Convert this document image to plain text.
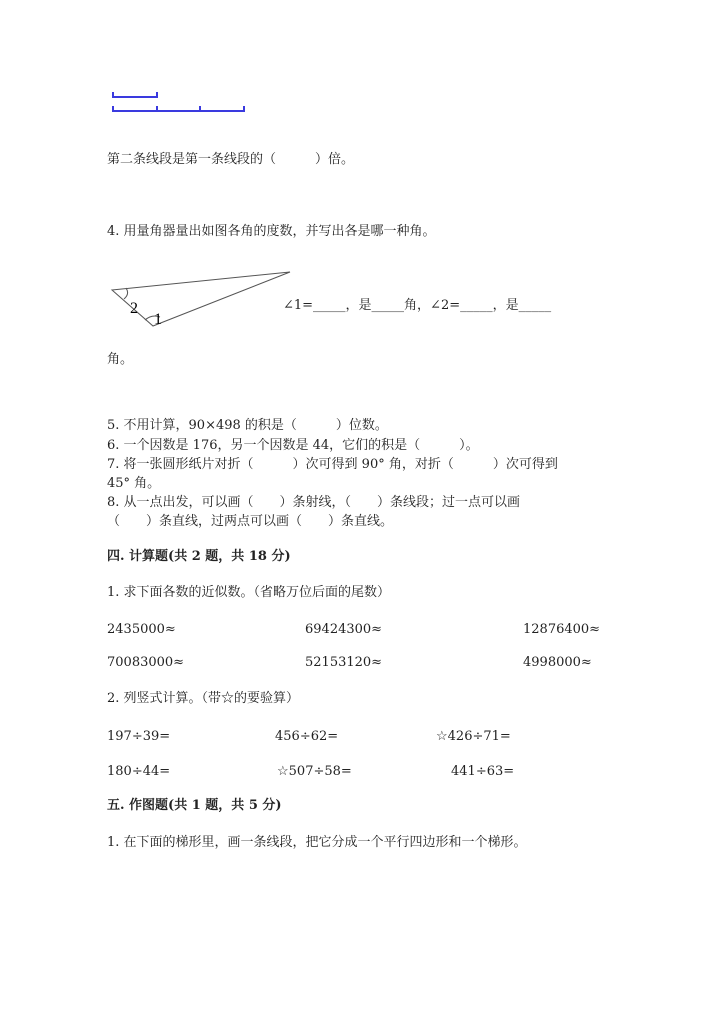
2
1
第二条线段是第一条线段的（　　　）倍。
4. 用量角器量出如图各角的度数，并写出各是哪一种角。
∠1=_____，是_____角，∠2=_____，是_____
角。
5. 不用计算，90×498 的积是（　　　）位数。
6. 一个因数是 176，另一个因数是 44，它们的积是（　　　）。
7. 将一张圆形纸片对折（　　　）次可得到 90° 角，对折（　　　）次可得到
45° 角。
8. 从一点出发，可以画（　　）条射线，（　　）条线段；过一点可以画
（　　）条直线，过两点可以画（　　）条直线。
四. 计算题(共 2 题，共 18 分)
1. 求下面各数的近似数。（省略万位后面的尾数）
2435000≈	69424300≈	12876400≈
70083000≈	52153120≈	4998000≈
2. 列竖式计算。（带☆的要验算）
197÷39=	456÷62=	☆426÷71=
180÷44=	☆507÷58=	441÷63=
五. 作图题(共 1 题，共 5 分)
1. 在下面的梯形里，画一条线段，把它分成一个平行四边形和一个梯形。
